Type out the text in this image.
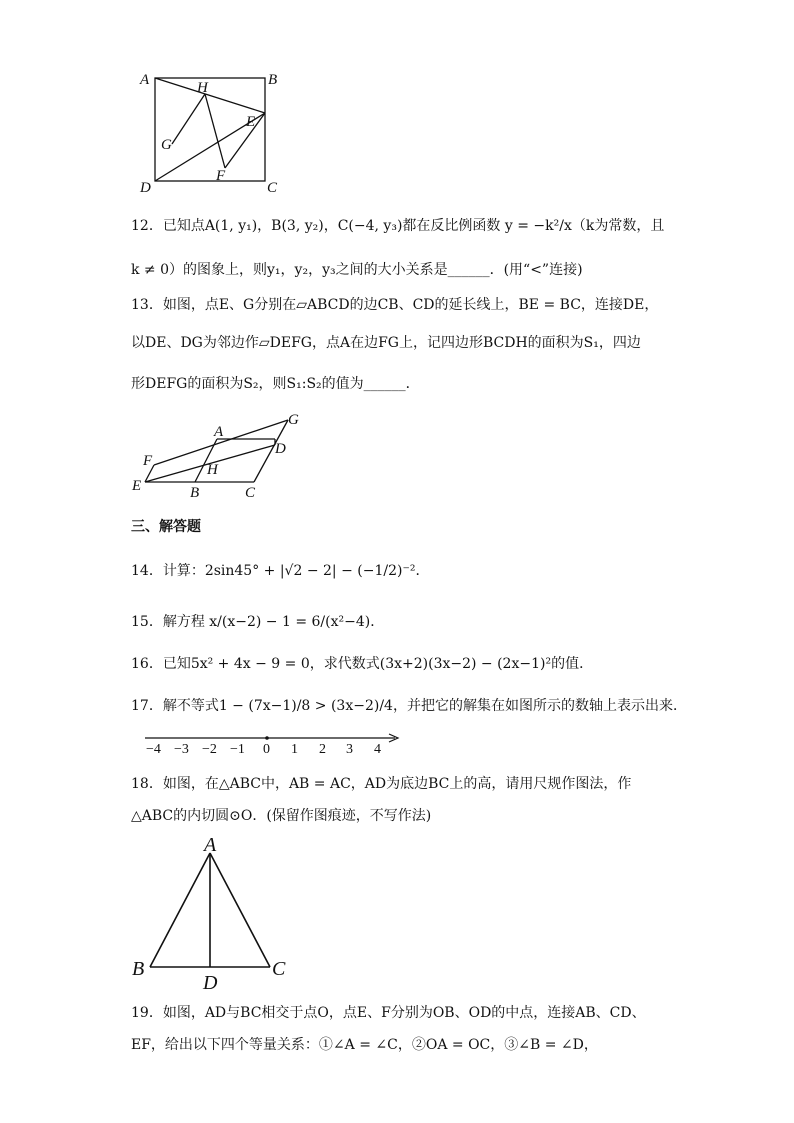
A	B
C
D
E
F
G
H
12．已知点A(1, y₁)，B(3, y₂)，C(−4, y₃)都在反比例函数 y = −k²/x（k为常数，且
k ≠ 0）的图象上，则y₁，y₂，y₃之间的大小关系是______．(用“<”连接)
13．如图，点E、G分别在▱ABCD的边CB、CD的延长线上，BE = BC，连接DE，
以DE、DG为邻边作▱DEFG，点A在边FG上，记四边形BCDH的面积为S₁，四边
形DEFG的面积为S₂，则S₁:S₂的值为______．
E
F
A
G
D
H
B	C
三、解答题
14．计算：2sin45° + |√2 − 2| − (−1/2)⁻²．
15．解方程 x/(x−2) − 1 = 6/(x²−4)．
16．已知5x² + 4x − 9 = 0，求代数式(3x+2)(3x−2) − (2x−1)²的值．
17．解不等式1 − (7x−1)/8 > (3x−2)/4，并把它的解集在如图所示的数轴上表示出来．
−4 −3 −2 −1 0 1 2 3 4
18．如图，在△ABC中，AB = AC，AD为底边BC上的高，请用尺规作图法，作
△ABC的内切圆⊙O．(保留作图痕迹，不写作法)
A
B	C
D
19．如图，AD与BC相交于点O，点E、F分别为OB、OD的中点，连接AB、CD、
EF，给出以下四个等量关系：①∠A = ∠C，②OA = OC，③∠B = ∠D，
